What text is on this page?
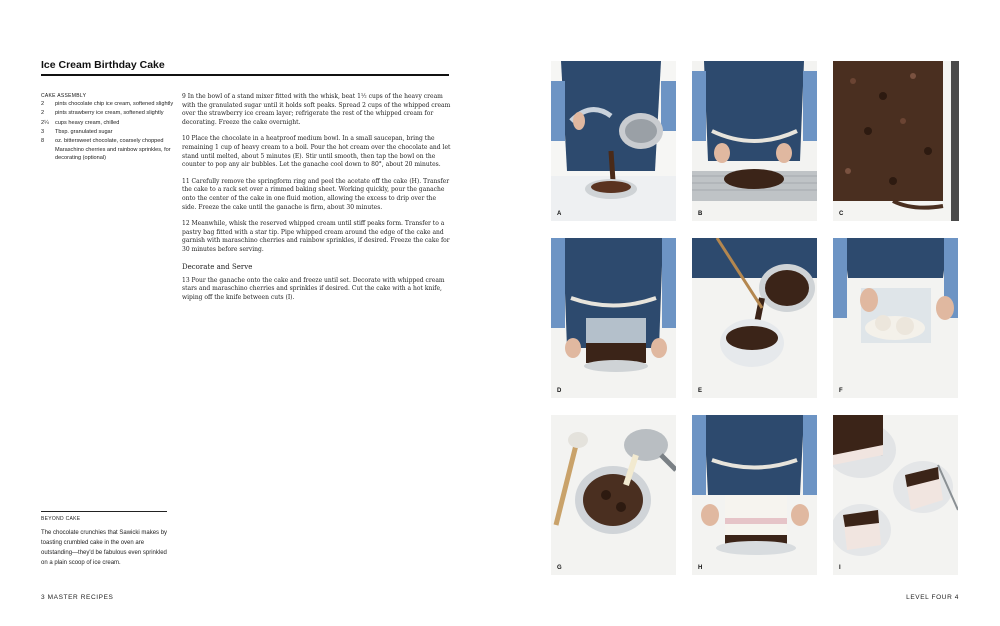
Ice Cream Birthday Cake
CAKE ASSEMBLY
2	pints chocolate chip ice cream, softened slightly
2	pints strawberry ice cream, softened slightly
2¼	cups heavy cream, chilled
3	Tbsp. granulated sugar
8	oz. bittersweet chocolate, coarsely chopped
Maraschino cherries and rainbow sprinkles, for decorating (optional)

9 In the bowl of a stand mixer fitted with the whisk, beat 1½ cups of the heavy cream with the granulated sugar until it holds soft peaks. Spread 2 cups of the whipped cream over the strawberry ice cream layer; refrigerate the rest of the whipped cream for decorating. Freeze the cake overnight.

10 Place the chocolate in a heatproof medium bowl. In a small saucepan, bring the remaining 1 cup of heavy cream to a boil. Pour the hot cream over the chocolate and let stand until melted, about 5 minutes (E). Stir until smooth, then tap the bowl on the counter to pop any air bubbles. Let the ganache cool down to 80°, about 20 minutes.

11 Carefully remove the springform ring and peel the acetate off the cake (H). Transfer the cake to a rack set over a rimmed baking sheet. Working quickly, pour the ganache onto the center of the cake in one fluid motion, allowing the excess to drip over the side. Freeze the cake until the ganache is firm, about 30 minutes.

12 Meanwhile, whisk the reserved whipped cream until stiff peaks form. Transfer to a pastry bag fitted with a star tip. Pipe whipped cream around the edge of the cake and garnish with maraschino cherries and rainbow sprinkles, if desired. Freeze the cake for 30 minutes before serving.

Decorate and Serve

13 Pour the ganache onto the cake and freeze until set. Decorate with whipped cream stars and maraschino cherries and sprinkles if desired. Cut the cake with a hot knife, wiping off the knife between cuts (I).

BEYOND CAKE
The chocolate crunchies that Sawicki makes by toasting crumbled cake in the oven are outstanding—they'd be fabulous even sprinkled on a plain scoop of ice cream.
3 MASTER RECIPES
A	B	C
D	E	F
G	H	I
LEVEL FOUR 4
